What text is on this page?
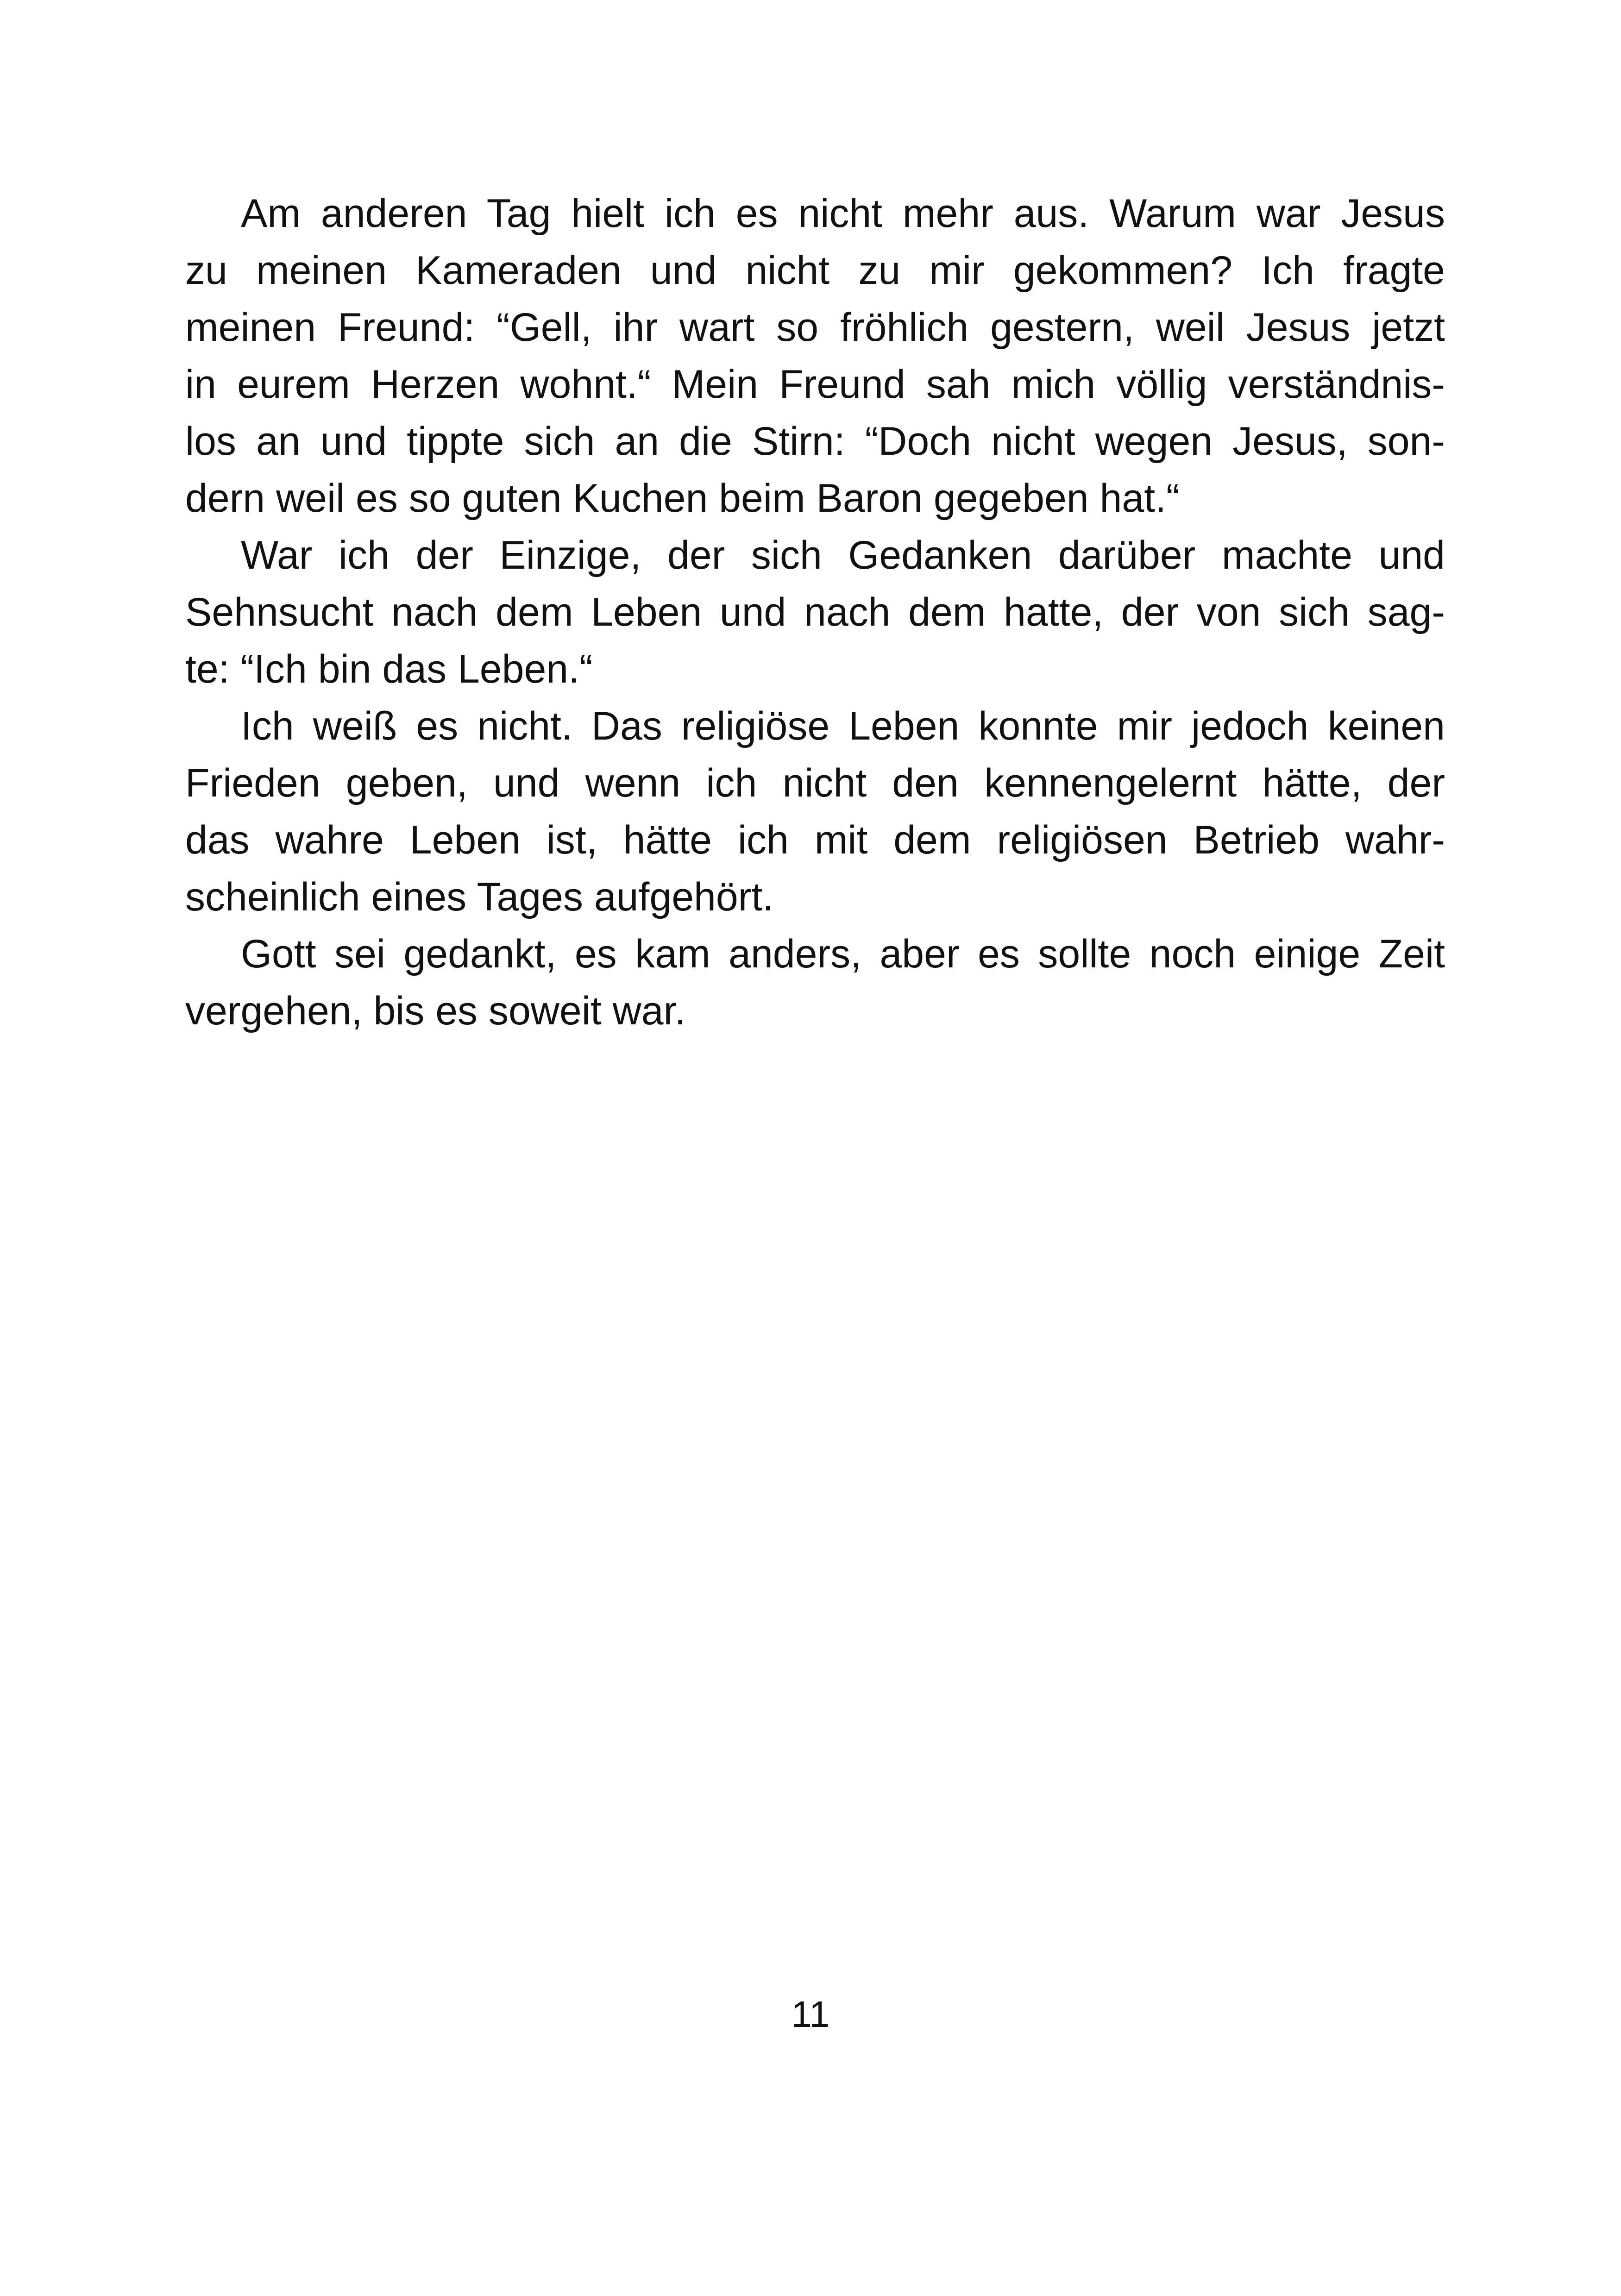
Am anderen Tag hielt ich es nicht mehr aus. Warum war Jesus
zu meinen Kameraden und nicht zu mir gekommen? Ich fragte
meinen Freund: “Gell, ihr wart so fröhlich gestern, weil Jesus jetzt
in eurem Herzen wohnt.“ Mein Freund sah mich völlig verständnis-
los an und tippte sich an die Stirn: “Doch nicht wegen Jesus, son-
dern weil es so guten Kuchen beim Baron gegeben hat.“
War ich der Einzige, der sich Gedanken darüber machte und
Sehnsucht nach dem Leben und nach dem hatte, der von sich sag-
te: “Ich bin das Leben.“
Ich weiß es nicht. Das religiöse Leben konnte mir jedoch keinen
Frieden geben, und wenn ich nicht den kennengelernt hätte, der
das wahre Leben ist, hätte ich mit dem religiösen Betrieb wahr-
scheinlich eines Tages aufgehört.
Gott sei gedankt, es kam anders, aber es sollte noch einige Zeit
vergehen, bis es soweit war.
11
